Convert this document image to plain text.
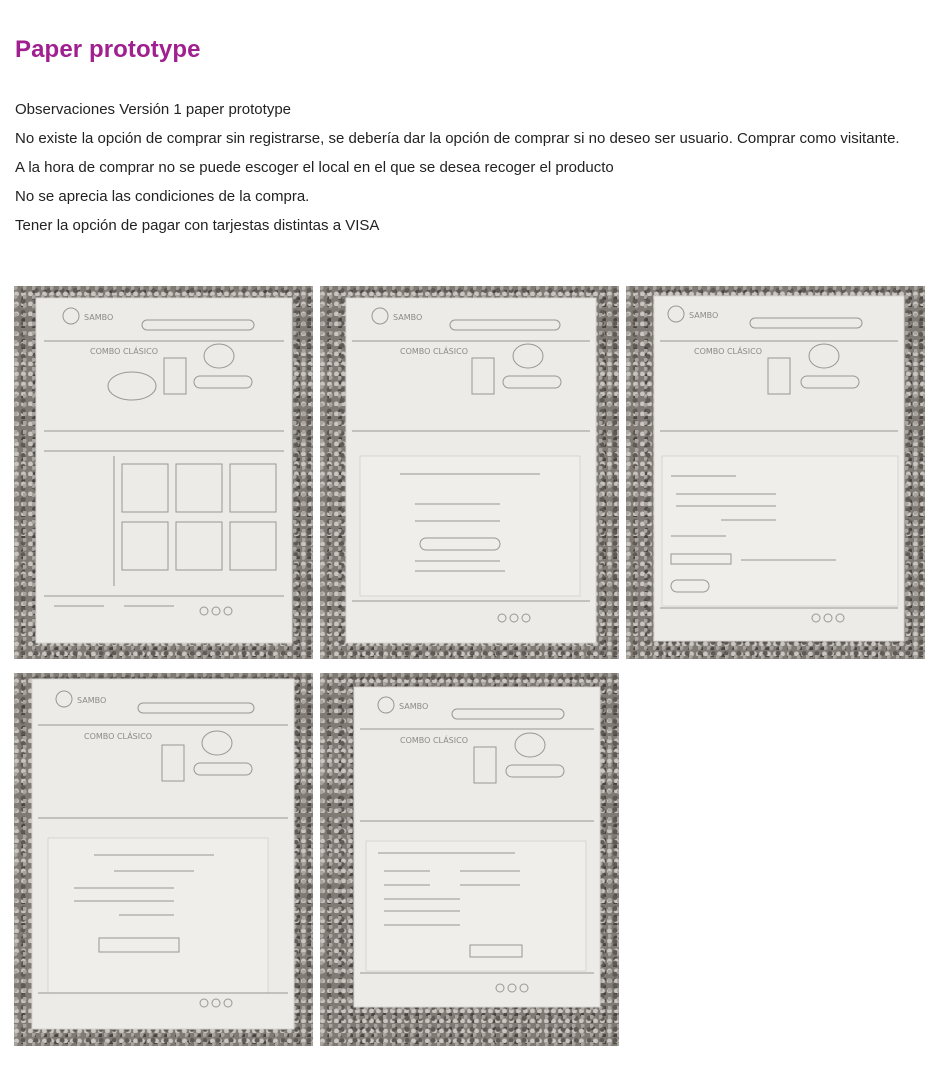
Paper prototype

Observaciones Versión 1 paper prototype

No existe la opción de comprar sin registrarse, se debería dar la opción de comprar si no deseo ser usuario. Comprar como visitante.

A la hora de comprar no se puede escoger el local en el que se desea recoger el producto

No se aprecia las condiciones de la compra.

Tener la opción de pagar con tarjestas distintas a VISA

SAMBO
COMBO CLÁSICO
SAMBO
COMBO CLÁSICO
SAMBO
COMBO CLÁSICO
SAMBO
COMBO CLÁSICO
SAMBO
COMBO CLÁSICO
